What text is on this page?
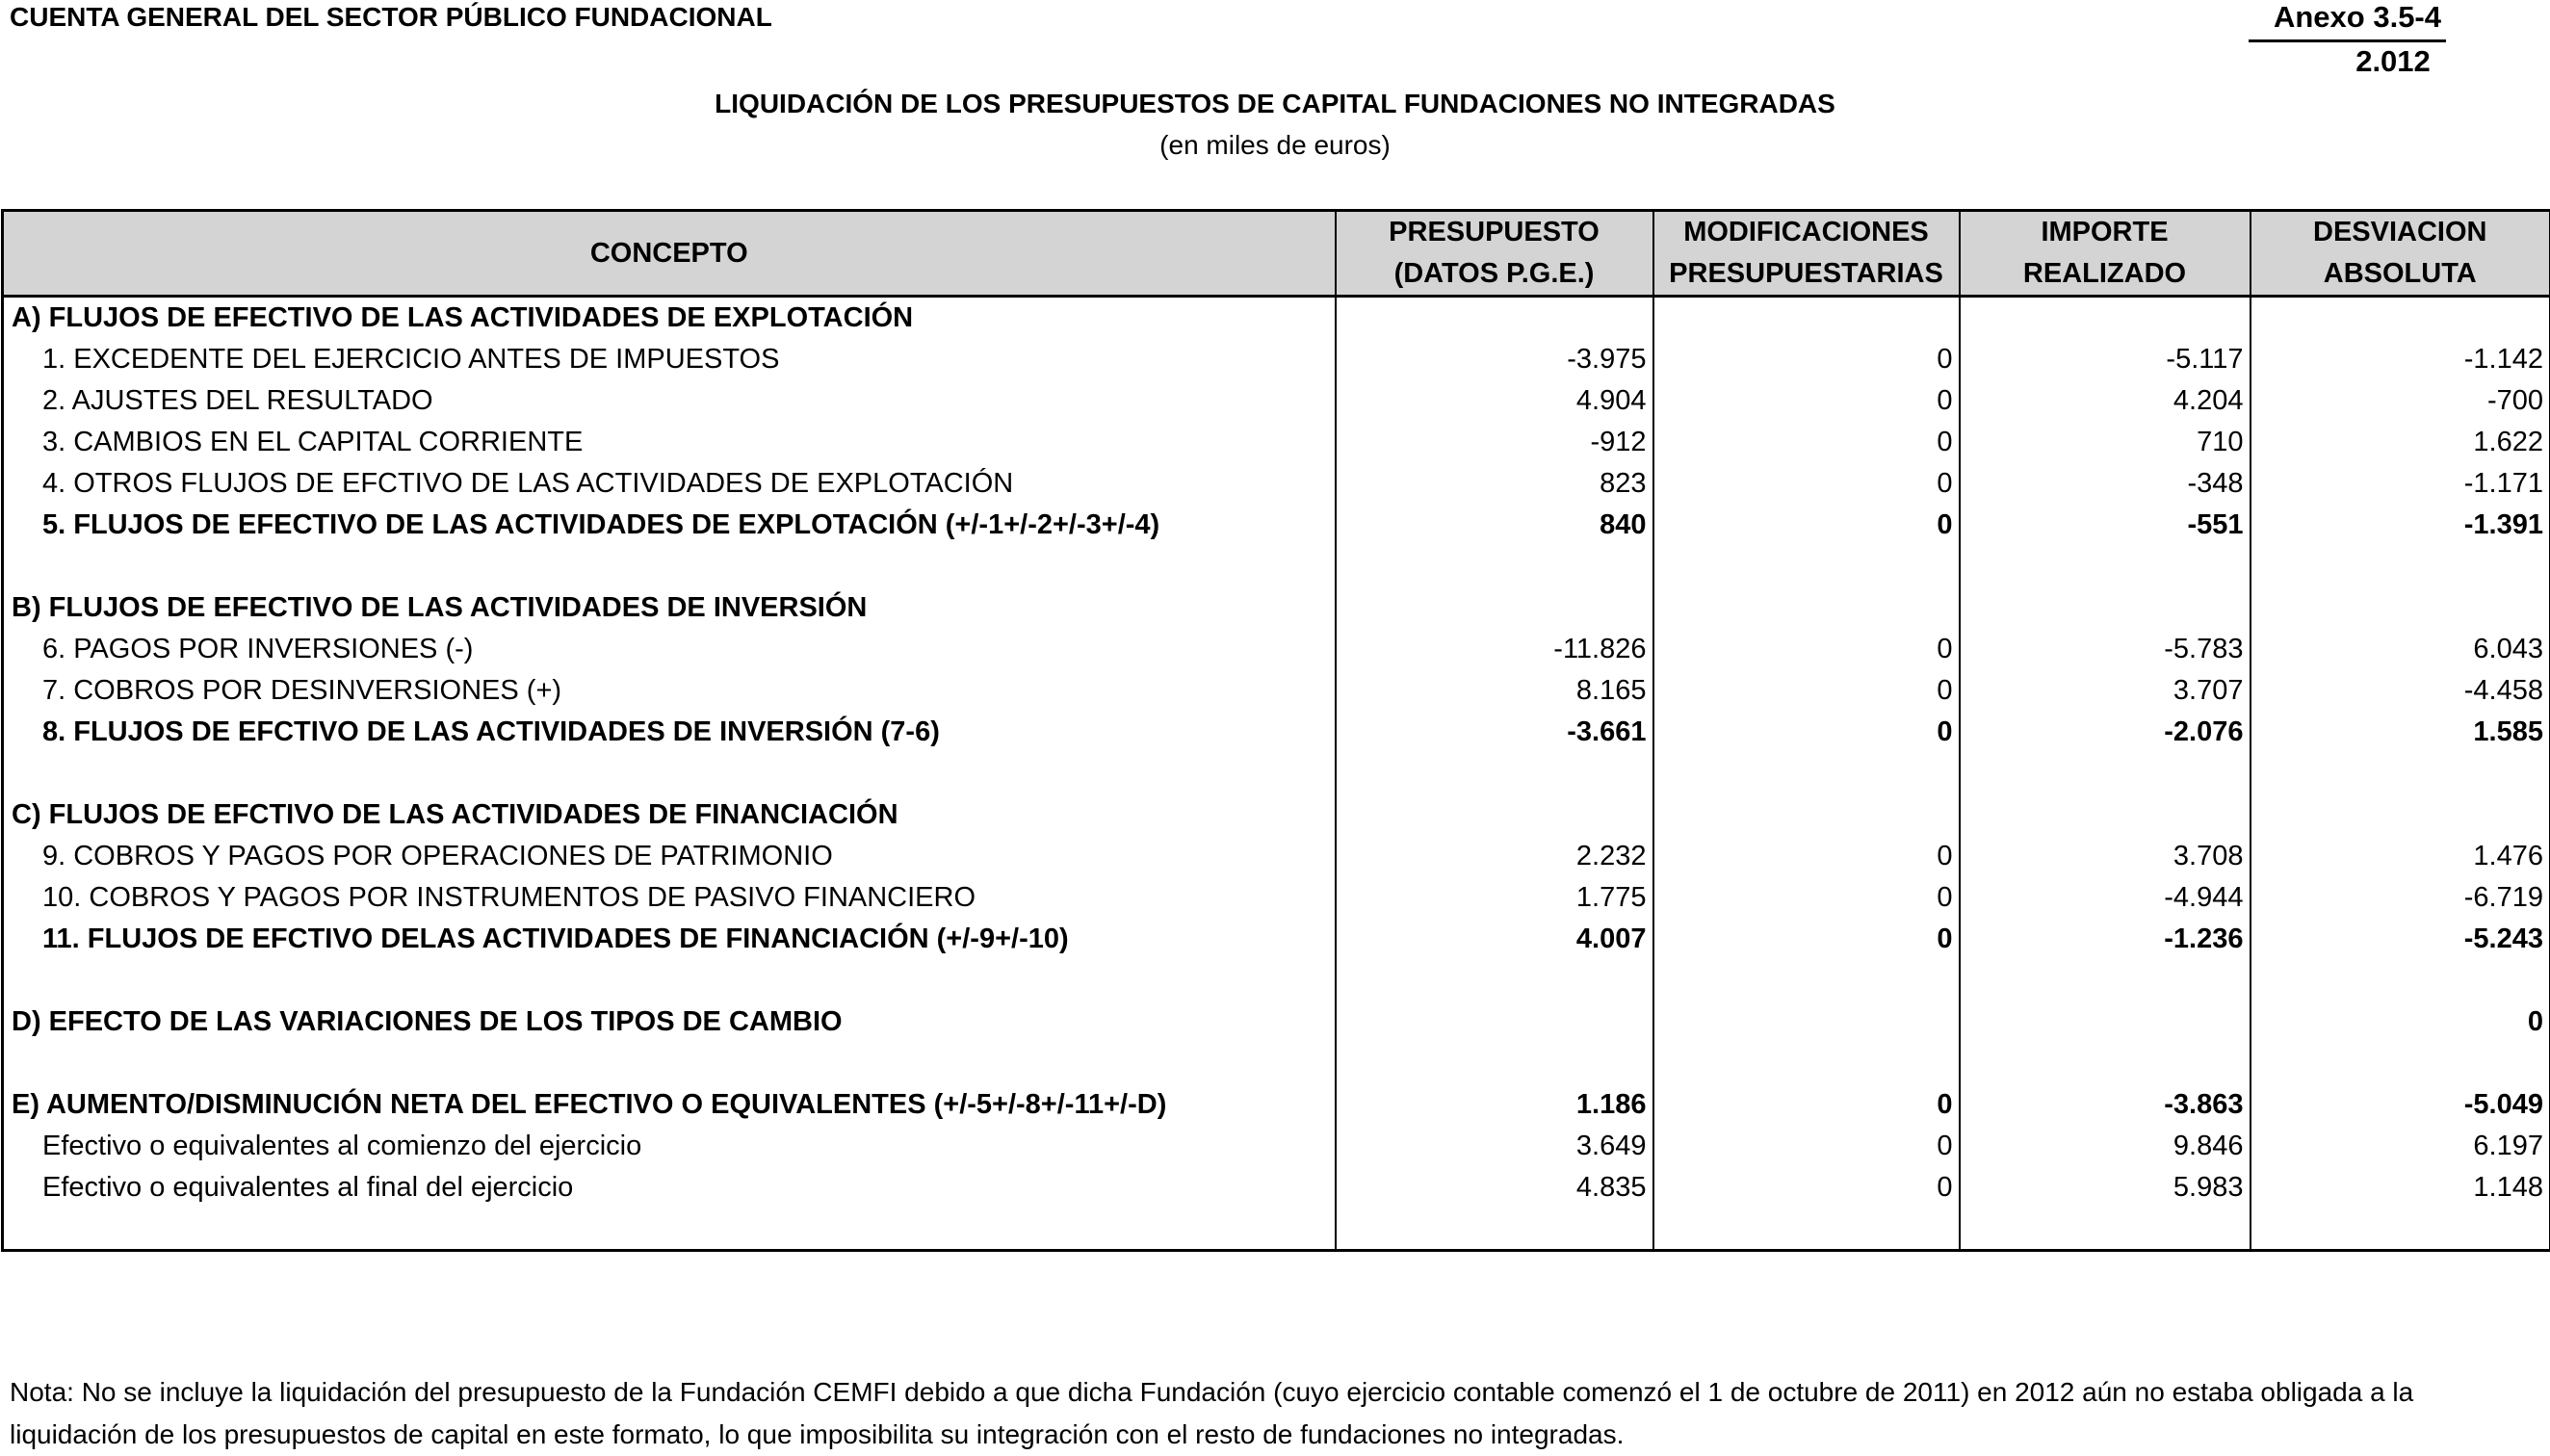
CUENTA GENERAL DEL SECTOR PÚBLICO FUNDACIONAL	Anexo 3.5-4
2.012
LIQUIDACIÓN DE LOS PRESUPUESTOS DE CAPITAL FUNDACIONES NO INTEGRADAS
(en miles de euros)
CONCEPTO	PRESUPUESTO (DATOS P.G.E.)	MODIFICACIONES PRESUPUESTARIAS	IMPORTE REALIZADO	DESVIACION ABSOLUTA
A) FLUJOS DE EFECTIVO DE LAS ACTIVIDADES DE EXPLOTACIÓN				
1. EXCEDENTE DEL EJERCICIO ANTES DE IMPUESTOS	-3.975	0	-5.117	-1.142
2. AJUSTES DEL RESULTADO	4.904	0	4.204	-700
3. CAMBIOS EN EL CAPITAL CORRIENTE	-912	0	710	1.622
4. OTROS FLUJOS DE EFCTIVO DE LAS ACTIVIDADES DE EXPLOTACIÓN	823	0	-348	-1.171
5. FLUJOS DE EFECTIVO DE LAS ACTIVIDADES DE EXPLOTACIÓN (+/-1+/-2+/-3+/-4)	840	0	-551	-1.391

B) FLUJOS DE EFECTIVO DE LAS ACTIVIDADES DE INVERSIÓN				
6. PAGOS POR INVERSIONES (-)	-11.826	0	-5.783	6.043
7. COBROS POR DESINVERSIONES (+)	8.165	0	3.707	-4.458
8. FLUJOS DE EFCTIVO DE LAS ACTIVIDADES DE INVERSIÓN (7-6)	-3.661	0	-2.076	1.585

C) FLUJOS DE EFCTIVO DE LAS ACTIVIDADES DE FINANCIACIÓN				
9. COBROS Y PAGOS POR OPERACIONES DE PATRIMONIO	2.232	0	3.708	1.476
10. COBROS Y PAGOS POR INSTRUMENTOS DE PASIVO FINANCIERO	1.775	0	-4.944	-6.719
11. FLUJOS DE EFCTIVO DELAS ACTIVIDADES DE FINANCIACIÓN (+/-9+/-10)	4.007	0	-1.236	-5.243

D) EFECTO DE LAS VARIACIONES DE LOS TIPOS DE CAMBIO				0

E) AUMENTO/DISMINUCIÓN NETA DEL EFECTIVO O EQUIVALENTES (+/-5+/-8+/-11+/-D)	1.186	0	-3.863	-5.049
Efectivo o equivalentes al comienzo del ejercicio	3.649	0	9.846	6.197
Efectivo o equivalentes al final del ejercicio	4.835	0	5.983	1.148

Nota: No se incluye la liquidación del presupuesto de la Fundación CEMFI debido a que dicha Fundación (cuyo ejercicio contable comenzó el 1 de octubre de 2011) en 2012 aún no estaba obligada a la liquidación de los presupuestos de capital en este formato, lo que imposibilita su integración con el resto de fundaciones no integradas.
